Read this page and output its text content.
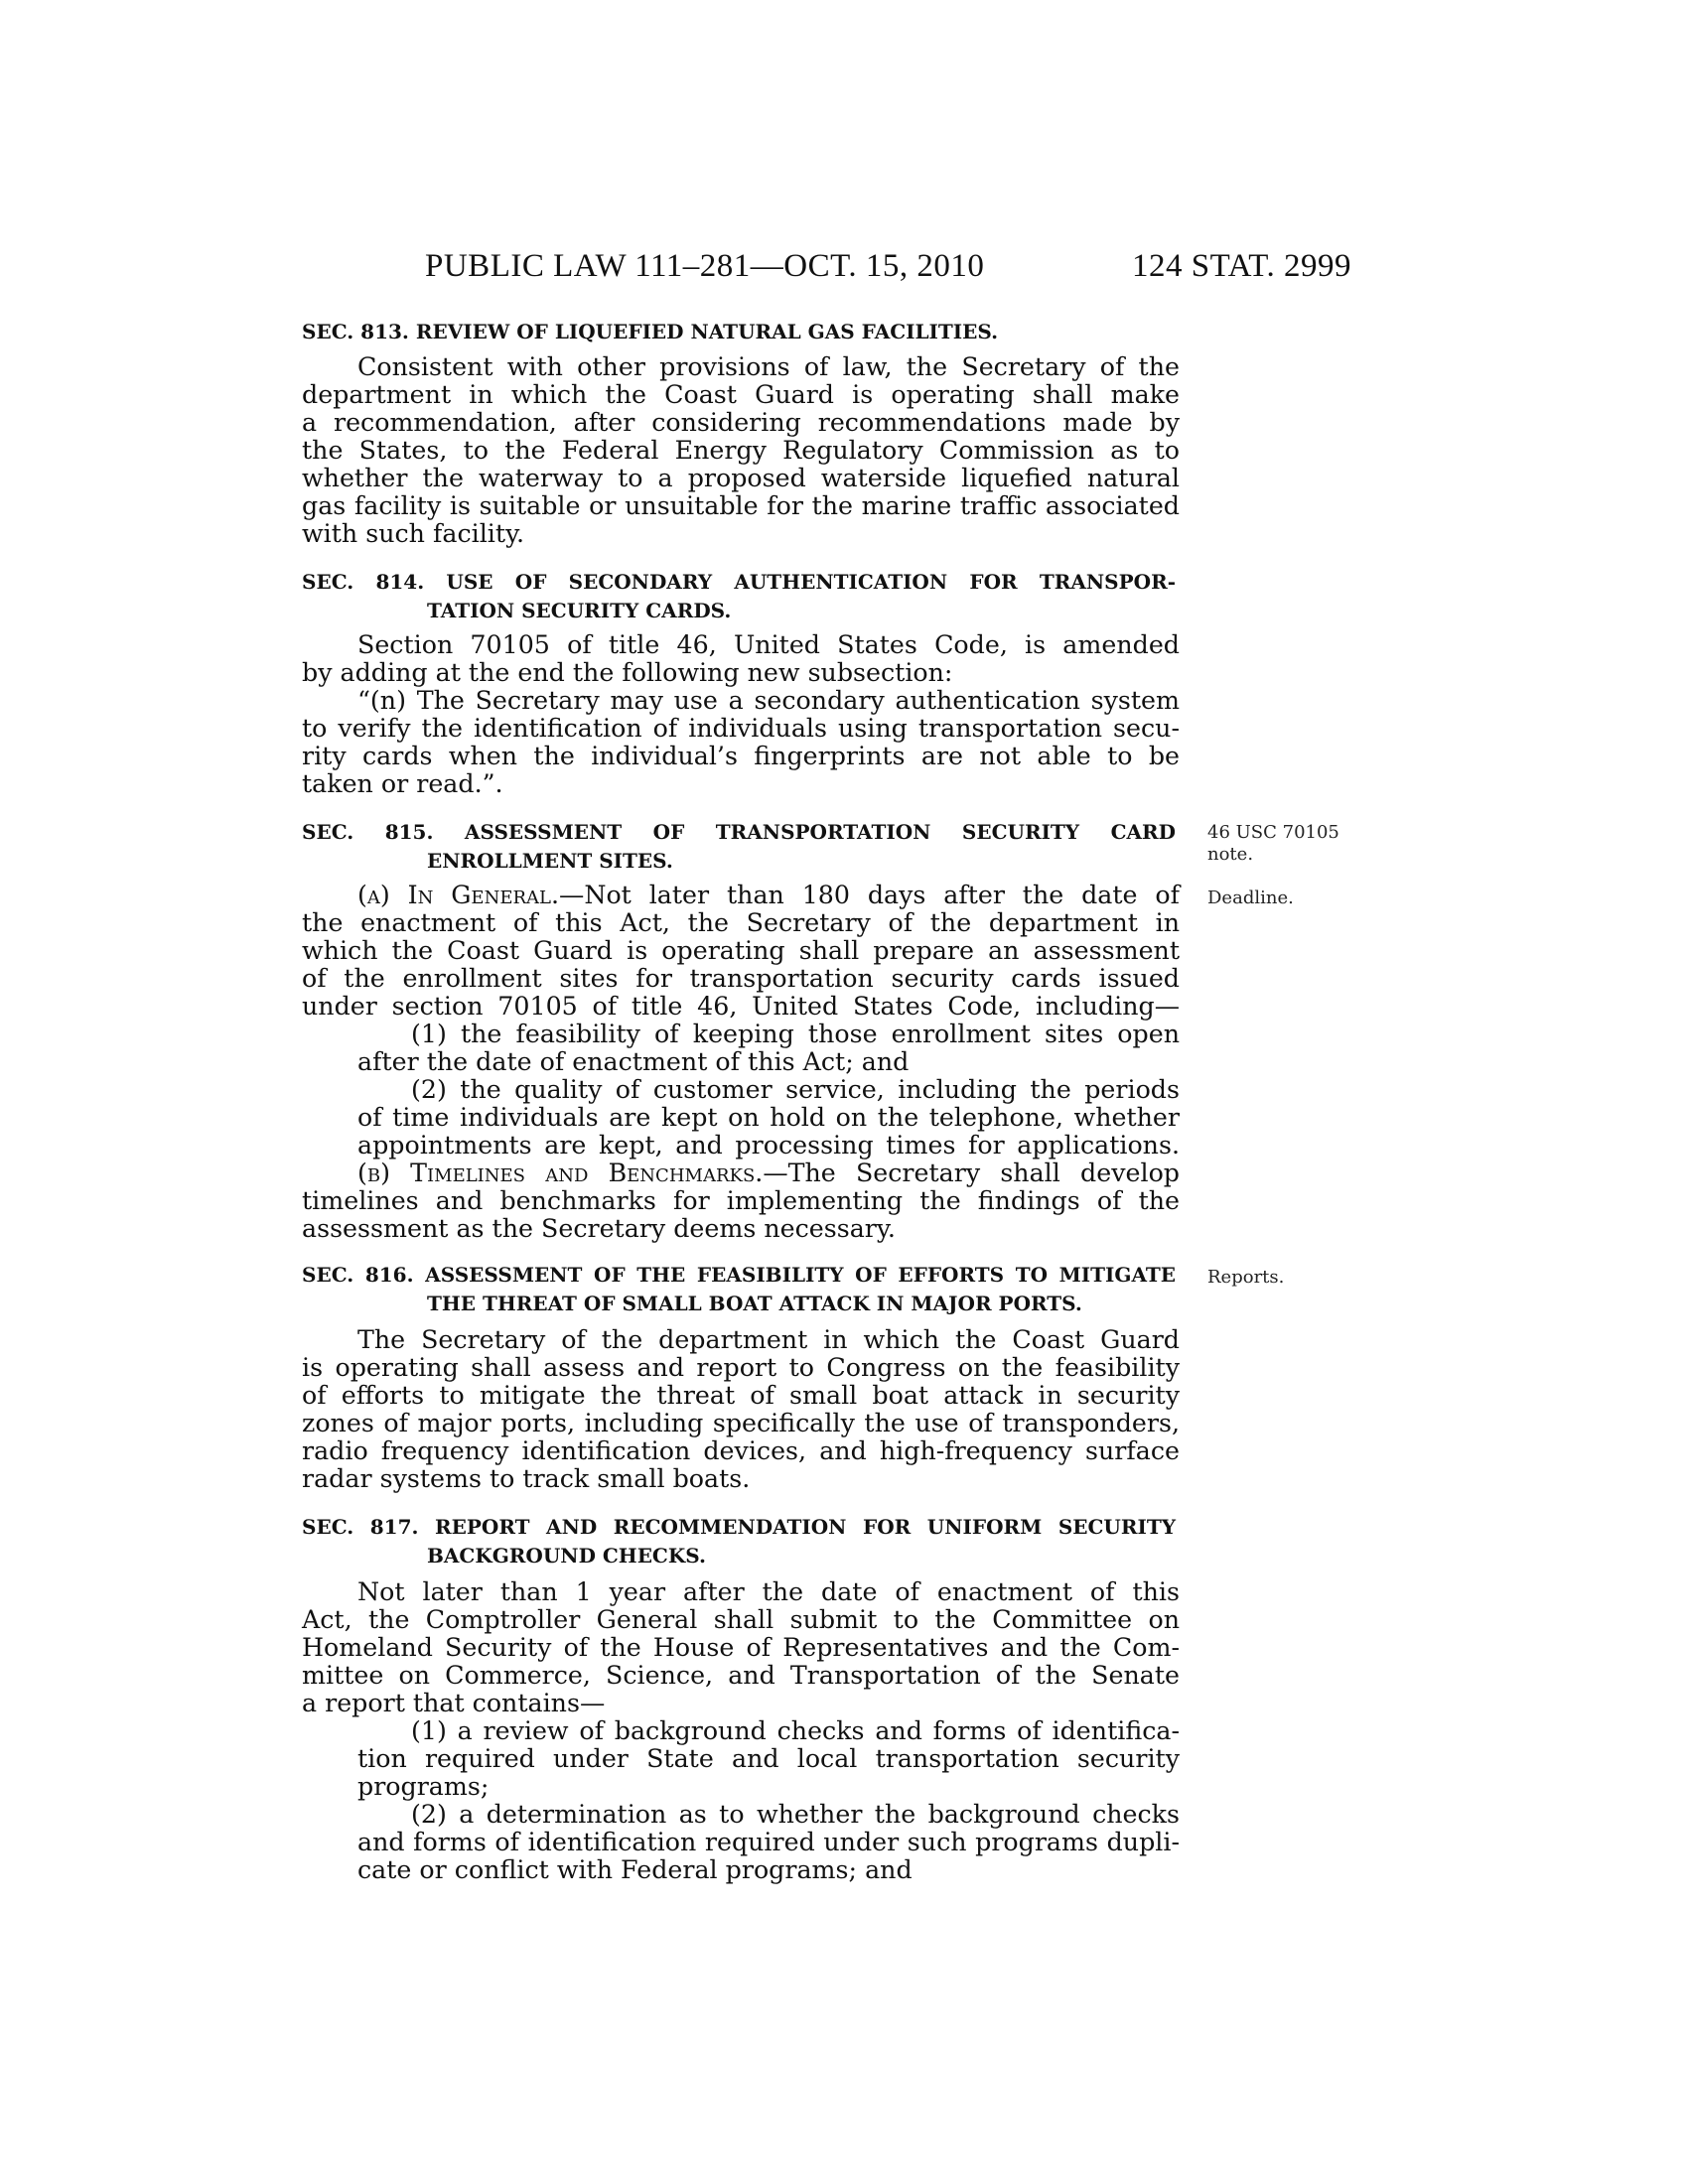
PUBLIC LAW 111–281—OCT. 15, 2010	124 STAT. 2999
SEC. 813. REVIEW OF LIQUEFIED NATURAL GAS FACILITIES.
Consistent with other provisions of law, the Secretary of the
department in which the Coast Guard is operating shall make
a recommendation, after considering recommendations made by
the States, to the Federal Energy Regulatory Commission as to
whether the waterway to a proposed waterside liquefied natural
gas facility is suitable or unsuitable for the marine traffic associated
with such facility.
SEC. 814. USE OF SECONDARY AUTHENTICATION FOR TRANSPOR-
TATION SECURITY CARDS.
Section 70105 of title 46, United States Code, is amended
by adding at the end the following new subsection:
“(n) The Secretary may use a secondary authentication system
to verify the identification of individuals using transportation secu-
rity cards when the individual’s fingerprints are not able to be
taken or read.”.
SEC. 815. ASSESSMENT OF TRANSPORTATION SECURITY CARD
ENROLLMENT SITES.
46 USC 70105
note.
Deadline.
(a) In General.—Not later than 180 days after the date of
the enactment of this Act, the Secretary of the department in
which the Coast Guard is operating shall prepare an assessment
of the enrollment sites for transportation security cards issued
under section 70105 of title 46, United States Code, including—
(1) the feasibility of keeping those enrollment sites open
after the date of enactment of this Act; and
(2) the quality of customer service, including the periods
of time individuals are kept on hold on the telephone, whether
appointments are kept, and processing times for applications.
(b) Timelines and Benchmarks.—The Secretary shall develop
timelines and benchmarks for implementing the findings of the
assessment as the Secretary deems necessary.
SEC. 816. ASSESSMENT OF THE FEASIBILITY OF EFFORTS TO MITIGATE
THE THREAT OF SMALL BOAT ATTACK IN MAJOR PORTS.
Reports.
The Secretary of the department in which the Coast Guard
is operating shall assess and report to Congress on the feasibility
of efforts to mitigate the threat of small boat attack in security
zones of major ports, including specifically the use of transponders,
radio frequency identification devices, and high-frequency surface
radar systems to track small boats.
SEC. 817. REPORT AND RECOMMENDATION FOR UNIFORM SECURITY
BACKGROUND CHECKS.
Not later than 1 year after the date of enactment of this
Act, the Comptroller General shall submit to the Committee on
Homeland Security of the House of Representatives and the Com-
mittee on Commerce, Science, and Transportation of the Senate
a report that contains—
(1) a review of background checks and forms of identifica-
tion required under State and local transportation security
programs;
(2) a determination as to whether the background checks
and forms of identification required under such programs dupli-
cate or conflict with Federal programs; and
